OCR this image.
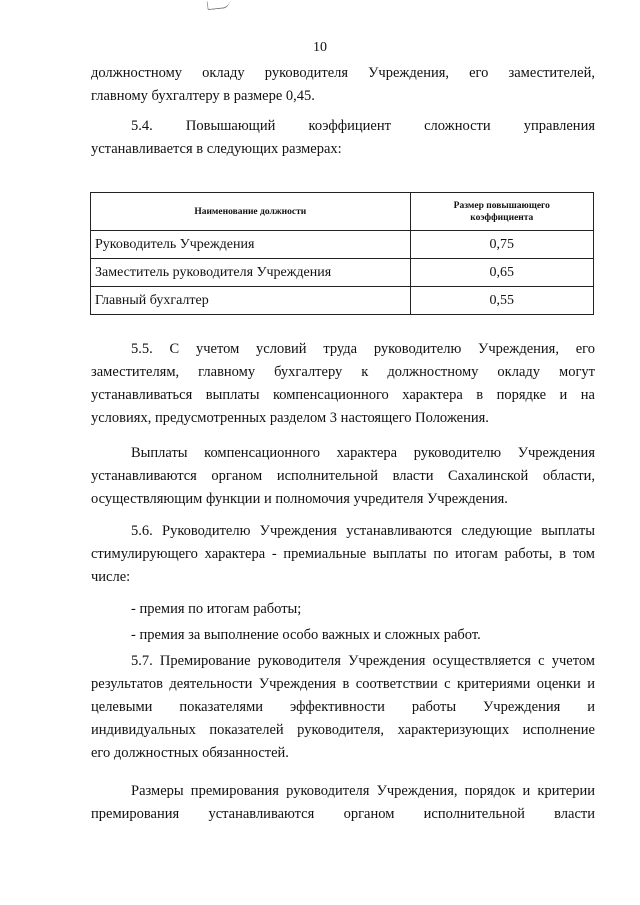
10

должностному окладу руководителя Учреждения, его заместителей,
главному бухгалтеру в размере 0,45.

5.4. Повышающий коэффициент сложности управления
устанавливается в следующих размерах:

Наименование должности	Размер повышающего
коэффициента
Руководитель Учреждения	0,75
Заместитель руководителя Учреждения	0,65
Главный бухгалтер	0,55

5.5. С учетом условий труда руководителю Учреждения, его
заместителям, главному бухгалтеру к должностному окладу могут
устанавливаться выплаты компенсационного характера в порядке и на
условиях, предусмотренных разделом 3 настоящего Положения.

Выплаты компенсационного характера руководителю Учреждения
устанавливаются органом исполнительной власти Сахалинской области,
осуществляющим функции и полномочия учредителя Учреждения.

5.6. Руководителю Учреждения устанавливаются следующие выплаты
стимулирующего характера - премиальные выплаты по итогам работы, в том
числе:

- премия по итогам работы;

- премия за выполнение особо важных и сложных работ.

5.7. Премирование руководителя Учреждения осуществляется с учетом
результатов деятельности Учреждения в соответствии с критериями оценки и
целевыми показателями эффективности работы Учреждения и
индивидуальных показателей руководителя, характеризующих исполнение
его должностных обязанностей.

Размеры премирования руководителя Учреждения, порядок и критерии
премирования устанавливаются органом исполнительной власти
